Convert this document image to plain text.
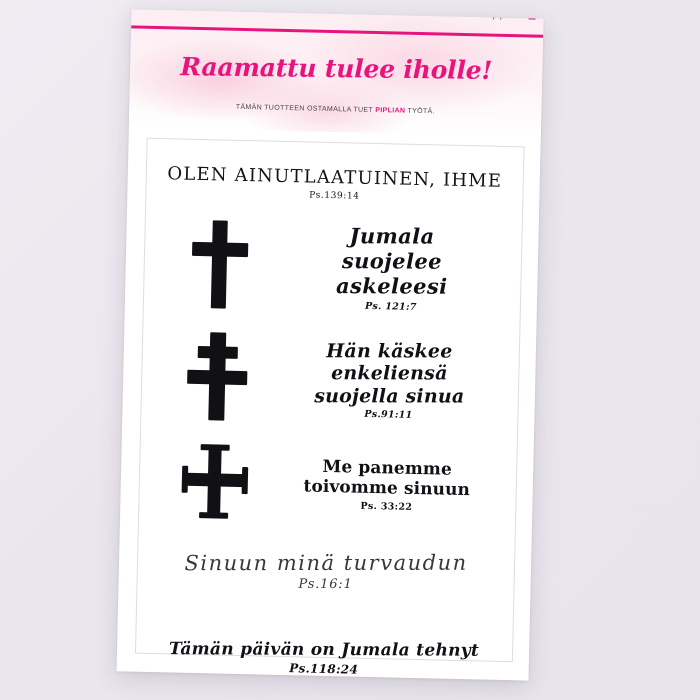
piplia.fi
Raamattu tulee iholle!
TÄMÄN TUOTTEEN OSTAMALLA TUET PIPLIAN TYÖTÄ.
OLEN AINUTLAATUINEN, IHME
Ps.139:14
Jumala
suojelee
askeleesi
Ps. 121:7
Hän käskee enkeliensä
suojella sinua
Ps.91:11
Me panemme
toivomme sinuun
Ps. 33:22
Sinuun minä turvaudun
Ps.16:1
Tämän päivän on Jumala tehnyt
Ps.118:24
